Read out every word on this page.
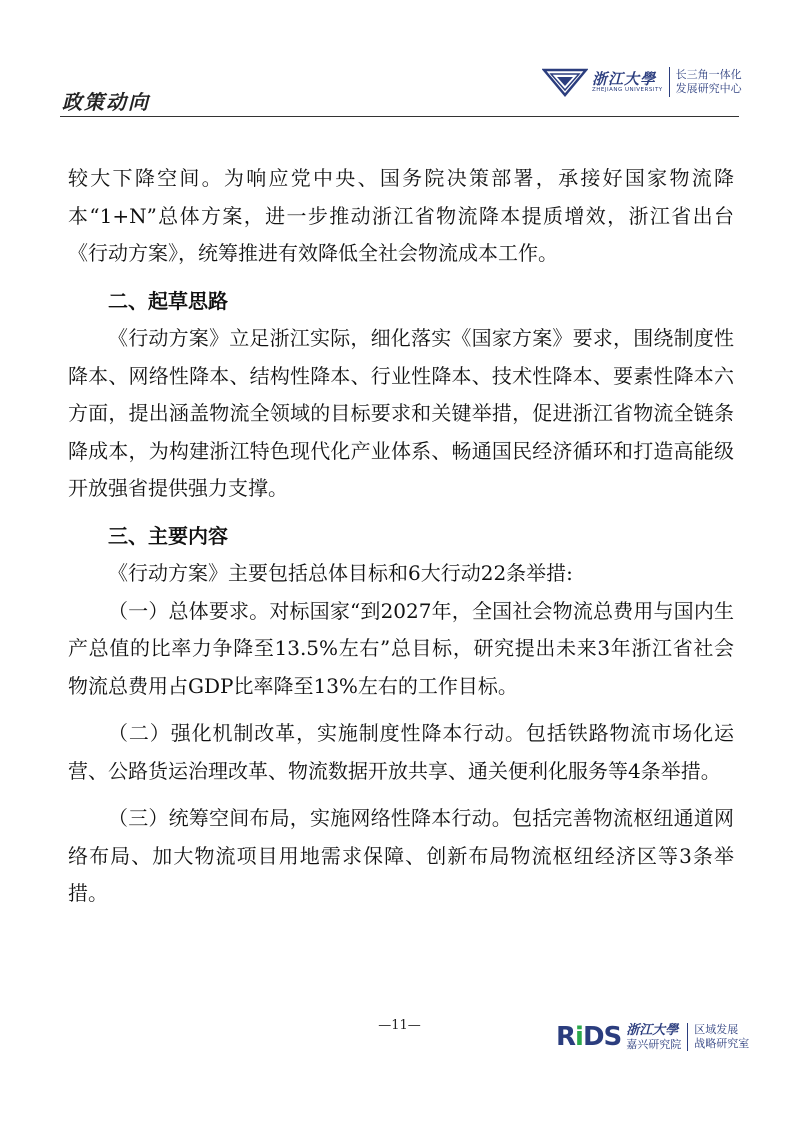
政策动向
浙江大學
ZHEJIANG UNIVERSITY
长三角一体化
发展研究中心

较大下降空间。为响应党中央、国务院决策部署，承接好国家物流降本“1+N”总体方案，进一步推动浙江省物流降本提质增效，浙江省出台《行动方案》，统筹推进有效降低全社会物流成本工作。

二、起草思路

《行动方案》立足浙江实际，细化落实《国家方案》要求，围绕制度性降本、网络性降本、结构性降本、行业性降本、技术性降本、要素性降本六方面，提出涵盖物流全领域的目标要求和关键举措，促进浙江省物流全链条降成本，为构建浙江特色现代化产业体系、畅通国民经济循环和打造高能级开放强省提供强力支撑。

三、主要内容

《行动方案》主要包括总体目标和6大行动22条举措:

（一）总体要求。对标国家“到2027年，全国社会物流总费用与国内生产总值的比率力争降至13.5%左右”总目标，研究提出未来3年浙江省社会物流总费用占GDP比率降至13%左右的工作目标。

（二）强化机制改革，实施制度性降本行动。包括铁路物流市场化运营、公路货运治理改革、物流数据开放共享、通关便利化服务等4条举措。

（三）统筹空间布局，实施网络性降本行动。包括完善物流枢纽通道网络布局、加大物流项目用地需求保障、创新布局物流枢纽经济区等3条举措。

—11—	RiDS 浙江大學
嘉兴研究院
区域发展
战略研究室
